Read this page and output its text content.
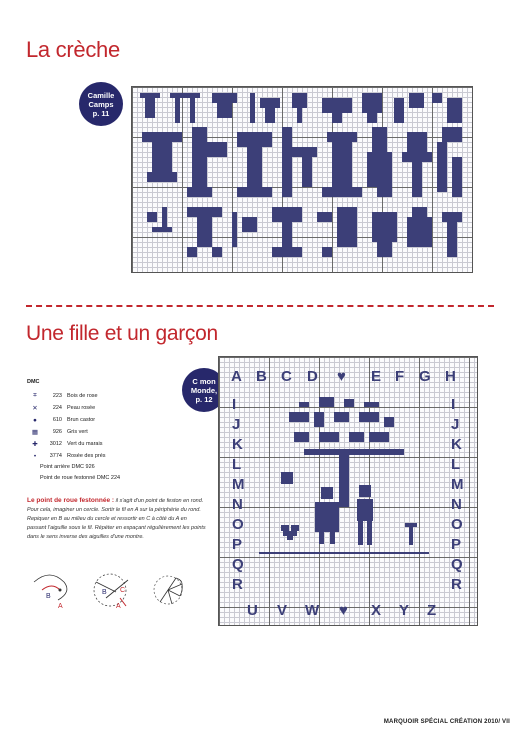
La crèche
Camille
Camps
p. 11
Une fille et un garçon
C mon
Monde,
p. 12
DMC
⌗	223 Bois de rose
✕	224 Peau rosée
●	610 Brun castor
▦	926 Gris vert
✚	3012 Vert du marais
•	3774 Rosée des prés
Point arrière DMC 926
Point de roue festonné DMC 224
Le point de roue festonnée : il s'agit d'un point de feston en rond. Pour cela, imaginer un cercle. Sortir le fil en A sur la périphérie du rond. Repiquer en B au milieu du cercle et ressortir en C à côté du A en passant l'aiguille sous le fil. Répéter en espaçant régulièrement les points dans le sens inverse des aiguilles d'une montre.
B
A
B C
A
A B C D ♥ E F G H
I
J
K
L
M
N
O
P
Q
R
I
J
K
L
M
N
O
P
Q
R
U V W ♥ X Y Z
MARQUOIR SPÉCIAL CRÉATION 2010/ VII
